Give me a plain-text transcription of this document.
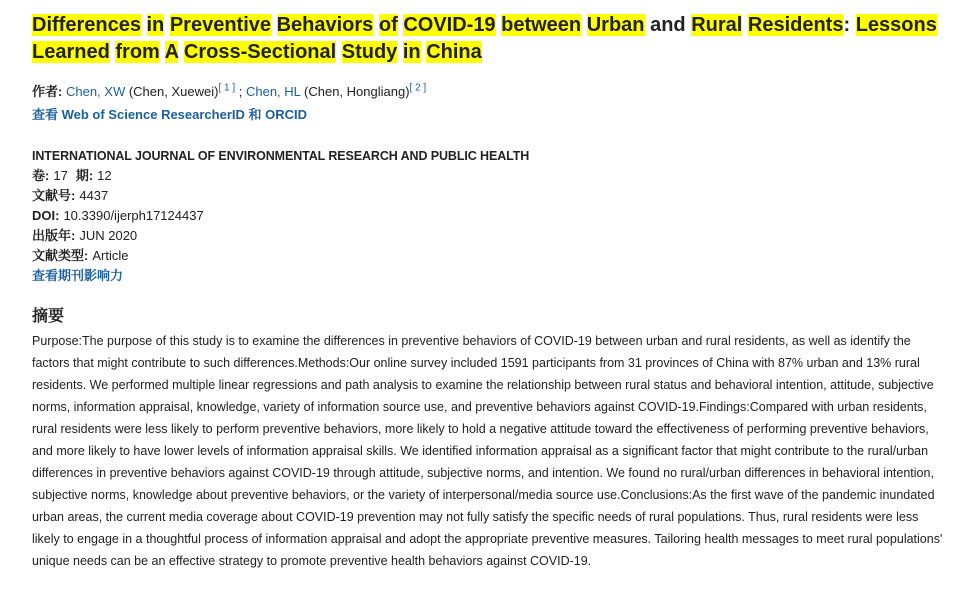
Differences in Preventive Behaviors of COVID-19 between Urban and Rural Residents: Lessons
Learned from A Cross-Sectional Study in China
作者: Chen, XW (Chen, Xuewei)[ 1 ] ; Chen, HL (Chen, Hongliang)[ 2 ]
查看 Web of Science ResearcherID 和 ORCID
INTERNATIONAL JOURNAL OF ENVIRONMENTAL RESEARCH AND PUBLIC HEALTH
卷: 17 期: 12
文献号: 4437
DOI: 10.3390/ijerph17124437
出版年: JUN 2020
文献类型: Article
查看期刊影响力
摘要
Purpose:The purpose of this study is to examine the differences in preventive behaviors of COVID-19 between urban and rural residents, as well as identify the factors that might contribute to such differences.Methods:Our online survey included 1591 participants from 31 provinces of China with 87% urban and 13% rural residents. We performed multiple linear regressions and path analysis to examine the relationship between rural status and behavioral intention, attitude, subjective norms, information appraisal, knowledge, variety of information source use, and preventive behaviors against COVID-19.Findings:Compared with urban residents, rural residents were less likely to perform preventive behaviors, more likely to hold a negative attitude toward the effectiveness of performing preventive behaviors, and more likely to have lower levels of information appraisal skills. We identified information appraisal as a significant factor that might contribute to the rural/urban differences in preventive behaviors against COVID-19 through attitude, subjective norms, and intention. We found no rural/urban differences in behavioral intention, subjective norms, knowledge about preventive behaviors, or the variety of interpersonal/media source use.Conclusions:As the first wave of the pandemic inundated urban areas, the current media coverage about COVID-19 prevention may not fully satisfy the specific needs of rural populations. Thus, rural residents were less likely to engage in a thoughtful process of information appraisal and adopt the appropriate preventive measures. Tailoring health messages to meet rural populations' unique needs can be an effective strategy to promote preventive health behaviors against COVID-19.
